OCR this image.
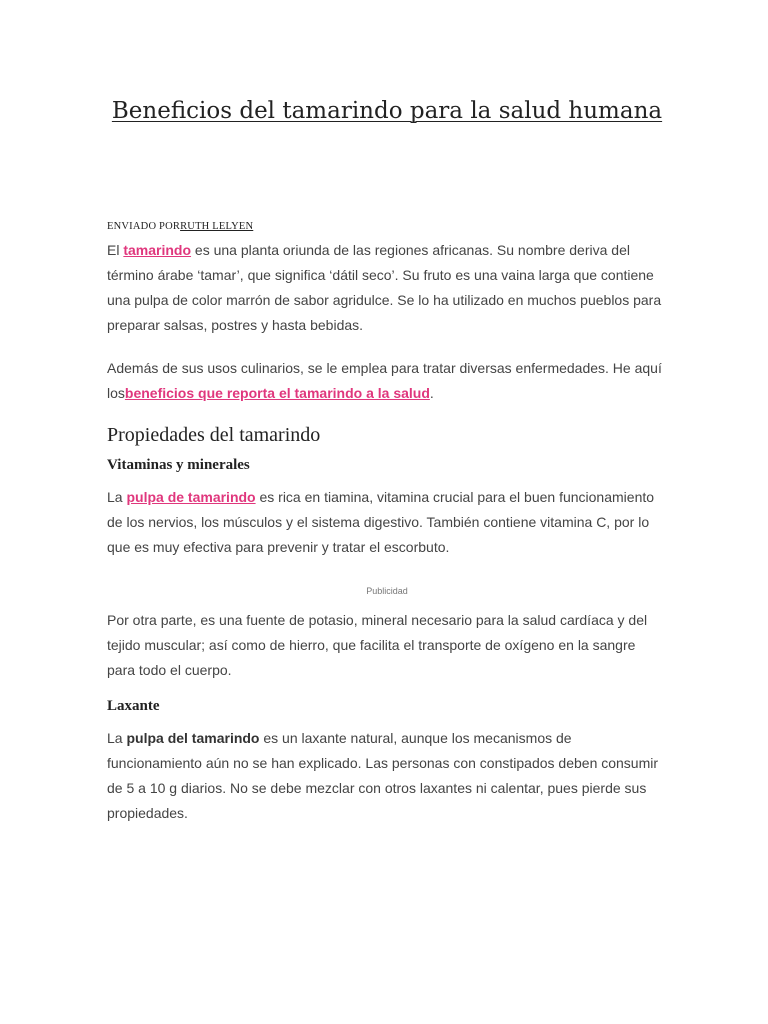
Beneficios del tamarindo para la salud humana
ENVIADO PORRUTH LELYEN

El tamarindo es una planta oriunda de las regiones africanas. Su nombre deriva del término árabe ‘tamar’, que significa ‘dátil seco’. Su fruto es una vaina larga que contiene una pulpa de color marrón de sabor agridulce. Se lo ha utilizado en muchos pueblos para preparar salsas, postres y hasta bebidas.

Además de sus usos culinarios, se le emplea para tratar diversas enfermedades. He aquí losbeneficios que reporta el tamarindo a la salud.

Propiedades del tamarindo
Vitaminas y minerales

La pulpa de tamarindo es rica en tiamina, vitamina crucial para el buen funcionamiento de los nervios, los músculos y el sistema digestivo. También contiene vitamina C, por lo que es muy efectiva para prevenir y tratar el escorbuto.

Publicidad

Por otra parte, es una fuente de potasio, mineral necesario para la salud cardíaca y del tejido muscular; así como de hierro, que facilita el transporte de oxígeno en la sangre para todo el cuerpo.

Laxante

La pulpa del tamarindo es un laxante natural, aunque los mecanismos de funcionamiento aún no se han explicado. Las personas con constipados deben consumir de 5 a 10 g diarios. No se debe mezclar con otros laxantes ni calentar, pues pierde sus propiedades.
